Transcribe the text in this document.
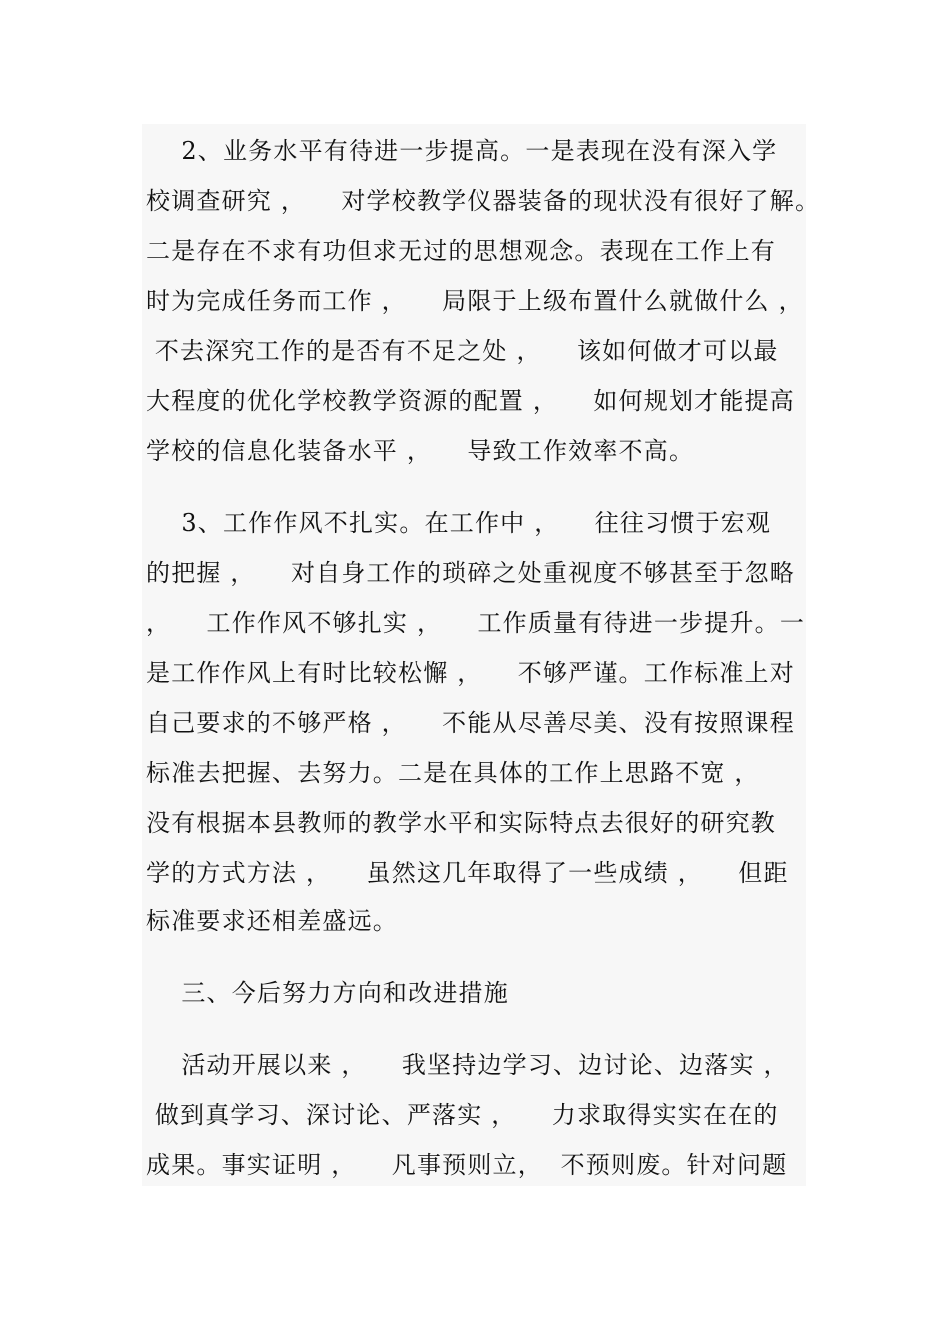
2、业务水平有待进一步提高。一是表现在没有深入学
校调查研究 ，    对学校教学仪器装备的现状没有很好了解。
二是存在不求有功但求无过的思想观念。表现在工作上有
时为完成任务而工作 ，    局限于上级布置什么就做什么 ，
不去深究工作的是否有不足之处 ，    该如何做才可以最
大程度的优化学校教学资源的配置 ，    如何规划才能提高
学校的信息化装备水平 ，    导致工作效率不高。
3、工作作风不扎实。在工作中 ，    往往习惯于宏观
的把握 ，    对自身工作的琐碎之处重视度不够甚至于忽略
，    工作作风不够扎实 ，    工作质量有待进一步提升。一
是工作作风上有时比较松懈 ，    不够严谨。工作标准上对
自己要求的不够严格 ，    不能从尽善尽美、没有按照课程
标准去把握、去努力。二是在具体的工作上思路不宽 ，
没有根据本县教师的教学水平和实际特点去很好的研究教
学的方式方法 ，    虽然这几年取得了一些成绩 ，    但距
标准要求还相差盛远。
三、今后努力方向和改进措施
活动开展以来 ，    我坚持边学习、边讨论、边落实 ，
做到真学习、深讨论、严落实 ，    力求取得实实在在的
成果。事实证明 ，    凡事预则立，  不预则废。针对问题
